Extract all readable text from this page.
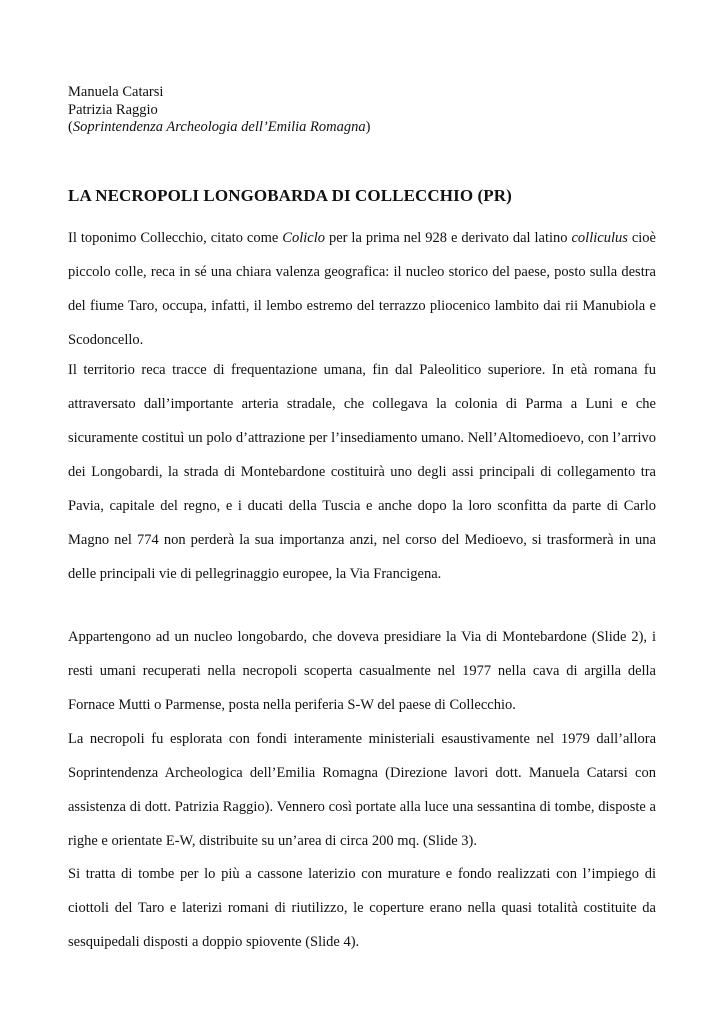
Manuela Catarsi
Patrizia Raggio
(Soprintendenza Archeologia dell’Emilia Romagna)
LA NECROPOLI LONGOBARDA DI COLLECCHIO (PR)

Il toponimo Collecchio, citato come Coliclo per la prima nel 928 e derivato dal latino colliculus cioè piccolo colle, reca in sé una chiara valenza geografica: il nucleo storico del paese, posto sulla destra del fiume Taro, occupa, infatti, il lembo estremo del terrazzo pliocenico lambito dai rii Manubiola e Scodoncello.

Il territorio reca tracce di frequentazione umana, fin dal Paleolitico superiore. In età romana fu attraversato dall’importante arteria stradale, che collegava la colonia di Parma a Luni e che sicuramente costituì un polo d’attrazione per l’insediamento umano. Nell’Altomedioevo, con l’arrivo dei Longobardi, la strada di Montebardone costituirà uno degli assi principali di collegamento tra Pavia, capitale del regno, e i ducati della Tuscia e anche dopo la loro sconfitta da parte di Carlo Magno nel 774 non perderà la sua importanza anzi, nel corso del Medioevo, si trasformerà in una delle principali vie di pellegrinaggio europee, la Via Francigena.

Appartengono ad un nucleo longobardo, che doveva presidiare la Via di Montebardone (Slide 2), i resti umani recuperati nella necropoli scoperta casualmente nel 1977 nella cava di argilla della Fornace Mutti o Parmense, posta nella periferia S-W del paese di Collecchio.

La necropoli fu esplorata con fondi interamente ministeriali esaustivamente nel 1979 dall’allora Soprintendenza Archeologica dell’Emilia Romagna (Direzione lavori dott. Manuela Catarsi con assistenza di dott. Patrizia Raggio). Vennero così portate alla luce una sessantina di tombe, disposte a righe e orientate E-W, distribuite su un’area di circa 200 mq. (Slide 3).

Si tratta di tombe per lo più a cassone laterizio con murature e fondo realizzati con l’impiego di ciottoli del Taro e laterizi romani di riutilizzo, le coperture erano nella quasi totalità costituite da sesquipedali disposti a doppio spiovente (Slide 4).
